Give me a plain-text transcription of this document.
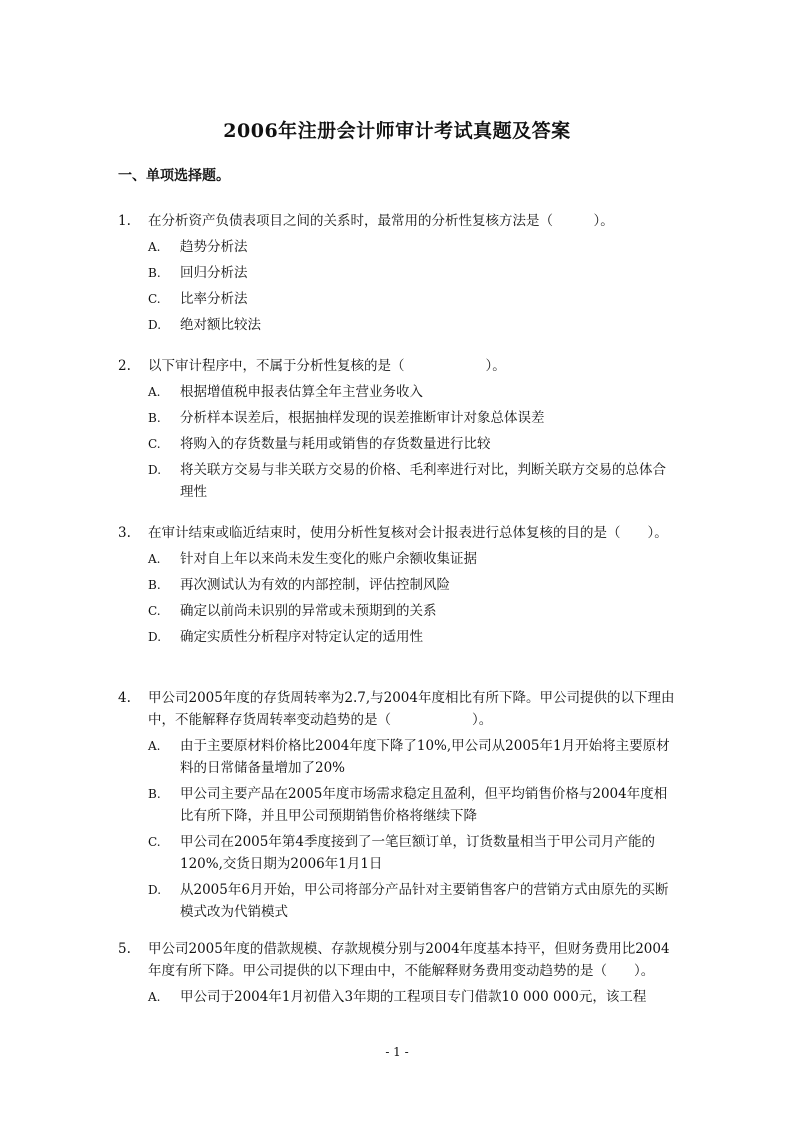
2006年注册会计师审计考试真题及答案
一、单项选择题。
1.	在分析资产负债表项目之间的关系时，最常用的分析性复核方法是（　　　）。
A.	趋势分析法
B.	回归分析法
C.	比率分析法
D.	绝对额比较法
2.	以下审计程序中，不属于分析性复核的是（　　　　　　）。
A.	根据增值税申报表估算全年主营业务收入
B.	分析样本误差后，根据抽样发现的误差推断审计对象总体误差
C.	将购入的存货数量与耗用或销售的存货数量进行比较
D.	将关联方交易与非关联方交易的价格、毛利率进行对比，判断关联方交易的总体合理性
3.	在审计结束或临近结束时，使用分析性复核对会计报表进行总体复核的目的是（　　）。
A.	针对自上年以来尚未发生变化的账户余额收集证据
B.	再次测试认为有效的内部控制，评估控制风险
C.	确定以前尚未识别的异常或未预期到的关系
D.	确定实质性分析程序对特定认定的适用性
4.	甲公司2005年度的存货周转率为2.7,与2004年度相比有所下降。甲公司提供的以下理由中，不能解释存货周转率变动趋势的是（　　　　　　）。
A.	由于主要原材料价格比2004年度下降了10%,甲公司从2005年1月开始将主要原材料的日常储备量增加了20%
B.	甲公司主要产品在2005年度市场需求稳定且盈利，但平均销售价格与2004年度相比有所下降，并且甲公司预期销售价格将继续下降
C.	甲公司在2005年第4季度接到了一笔巨额订单，订货数量相当于甲公司月产能的120%,交货日期为2006年1月1日
D.	从2005年6月开始，甲公司将部分产品针对主要销售客户的营销方式由原先的买断模式改为代销模式
5.	甲公司2005年度的借款规模、存款规模分别与2004年度基本持平，但财务费用比2004年度有所下降。甲公司提供的以下理由中，不能解释财务费用变动趋势的是（　　）。
A.	甲公司于2004年1月初借入3年期的工程项目专门借款10 000 000元，该工程
- 1 -
